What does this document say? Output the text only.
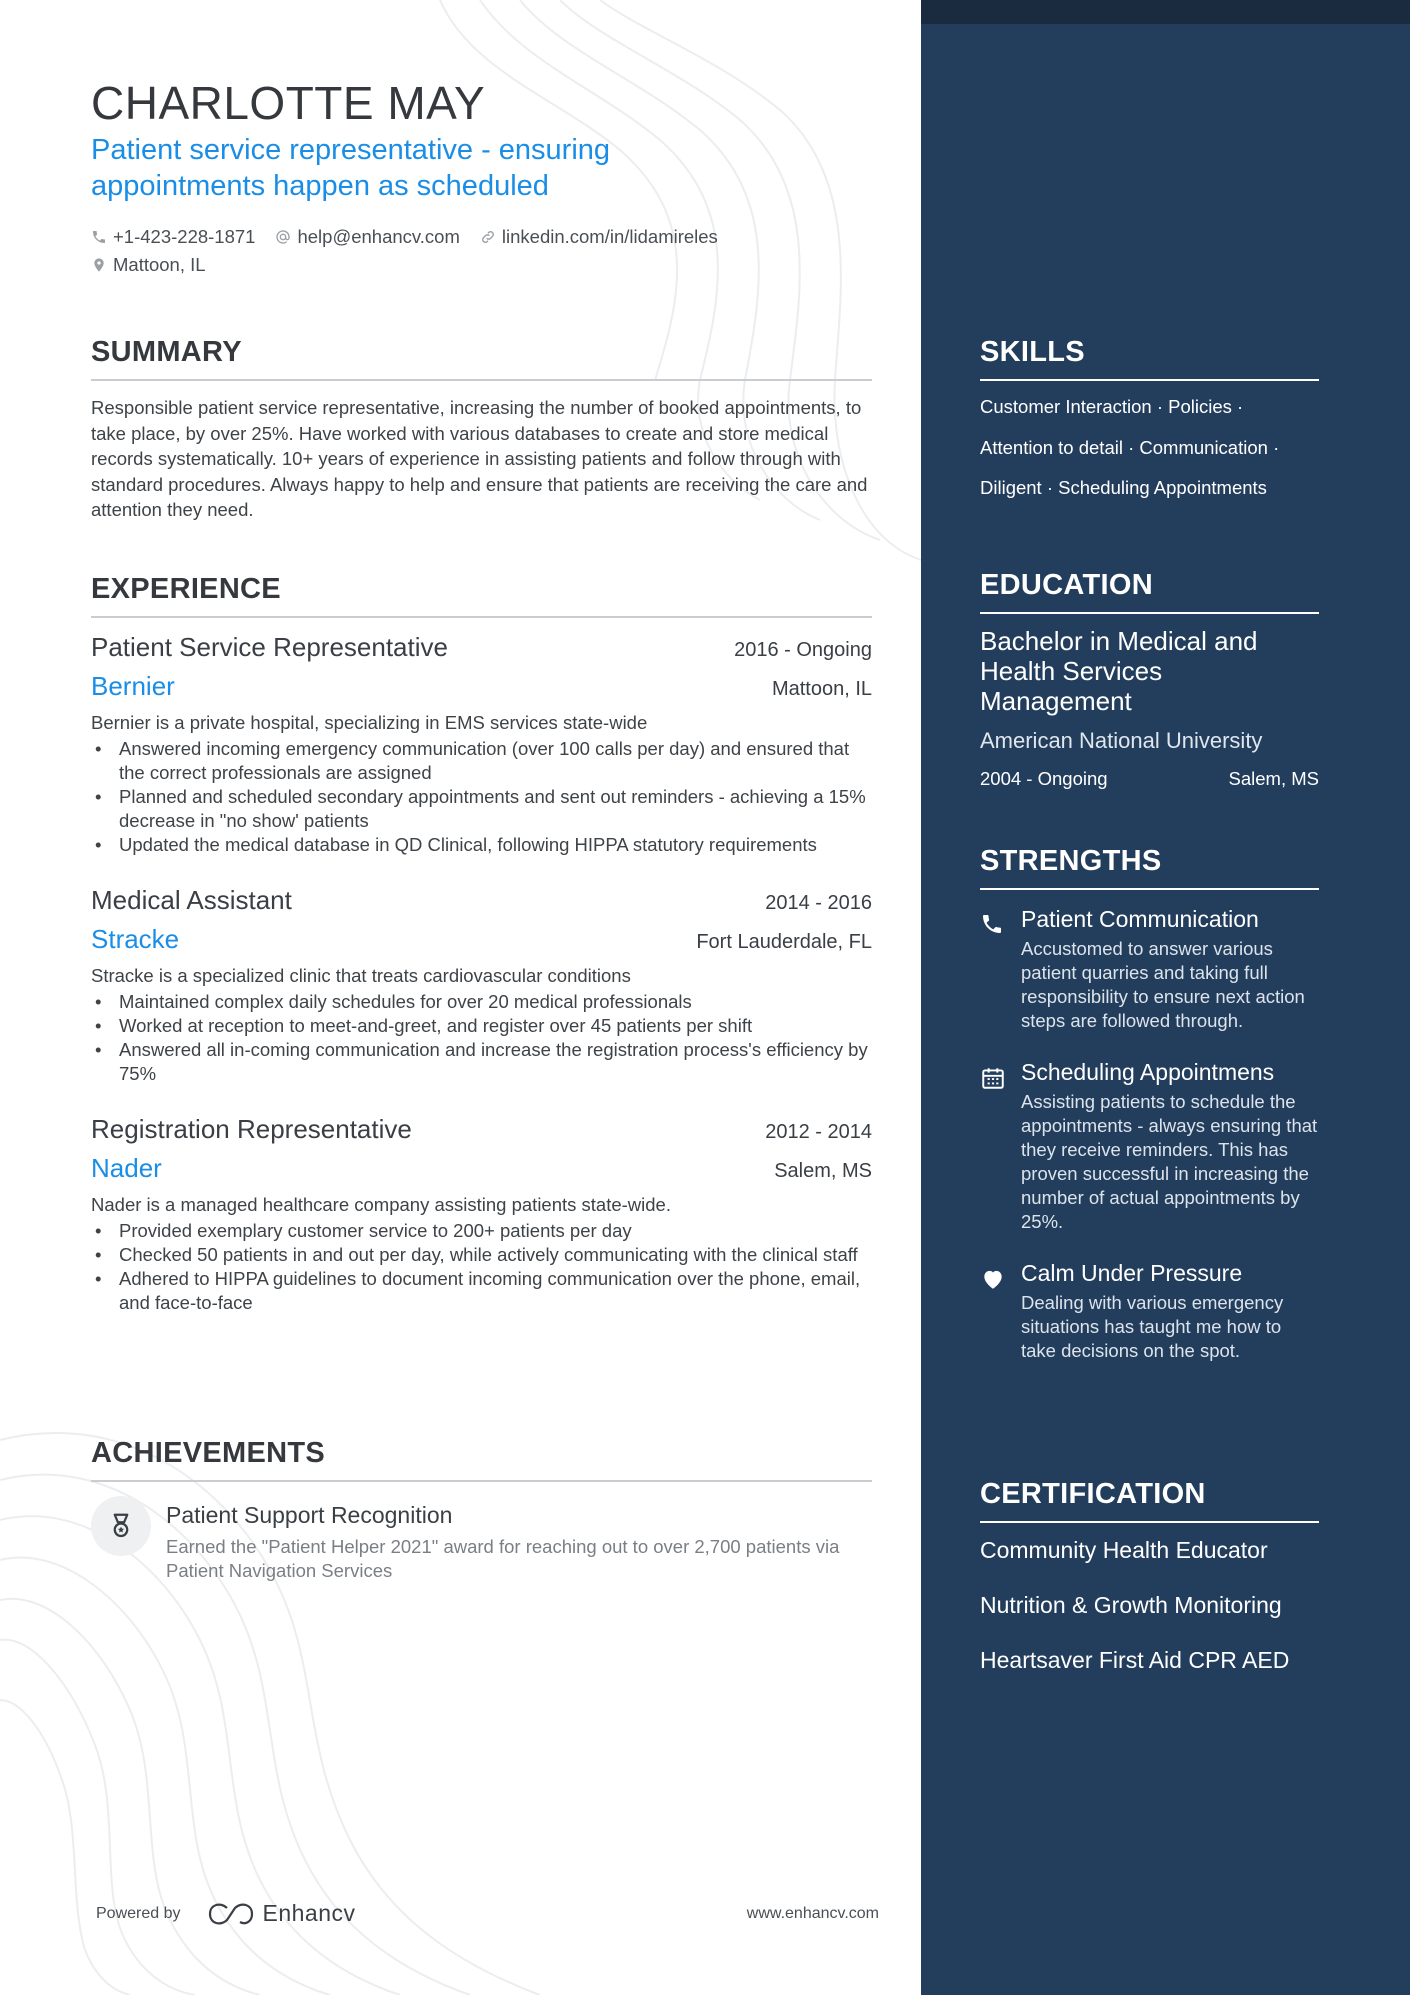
CHARLOTTE MAY
Patient service representative - ensuring appointments happen as scheduled
+1-423-228-1871 help@enhancv.com linkedin.com/in/lidamireles
Mattoon, IL
SUMMARY

Responsible patient service representative, increasing the number of booked appointments, to take place, by over 25%. Have worked with various databases to create and store medical records systematically. 10+ years of experience in assisting patients and follow through with standard procedures. Always happy to help and ensure that patients are receiving the care and attention they need.

EXPERIENCE
Patient Service Representative	2016 - Ongoing
Bernier	Mattoon, IL
Bernier is a private hospital, specializing in EMS services state-wide
• Answered incoming emergency communication (over 100 calls per day) and ensured that the correct professionals are assigned
• Planned and scheduled secondary appointments and sent out reminders - achieving a 15% decrease in "no show' patients
• Updated the medical database in QD Clinical, following HIPPA statutory requirements
Medical Assistant	2014 - 2016
Stracke	Fort Lauderdale, FL
Stracke is a specialized clinic that treats cardiovascular conditions
• Maintained complex daily schedules for over 20 medical professionals
• Worked at reception to meet-and-greet, and register over 45 patients per shift
• Answered all in-coming communication and increase the registration process's efficiency by 75%
Registration Representative	2012 - 2014
Nader	Salem, MS
Nader is a managed healthcare company assisting patients state-wide.
• Provided exemplary customer service to 200+ patients per day
• Checked 50 patients in and out per day, while actively communicating with the clinical staff
• Adhered to HIPPA guidelines to document incoming communication over the phone, email, and face-to-face
ACHIEVEMENTS
Patient Support Recognition
Earned the "Patient Helper 2021" award for reaching out to over 2,700 patients via Patient Navigation Services
Powered by	Enhancv	www.enhancv.com
SKILLS
Customer Interaction · Policies ·
Attention to detail · Communication ·
Diligent · Scheduling Appointments
EDUCATION
Bachelor in Medical and Health Services Management
American National University
2004 - Ongoing	Salem, MS
STRENGTHS
Patient Communication
Accustomed to answer various patient quarries and taking full responsibility to ensure next action steps are followed through.
Scheduling Appointmens
Assisting patients to schedule the appointments - always ensuring that they receive reminders. This has proven successful in increasing the number of actual appointments by 25%.
Calm Under Pressure
Dealing with various emergency situations has taught me how to take decisions on the spot.
CERTIFICATION
Community Health Educator
Nutrition & Growth Monitoring
Heartsaver First Aid CPR AED
